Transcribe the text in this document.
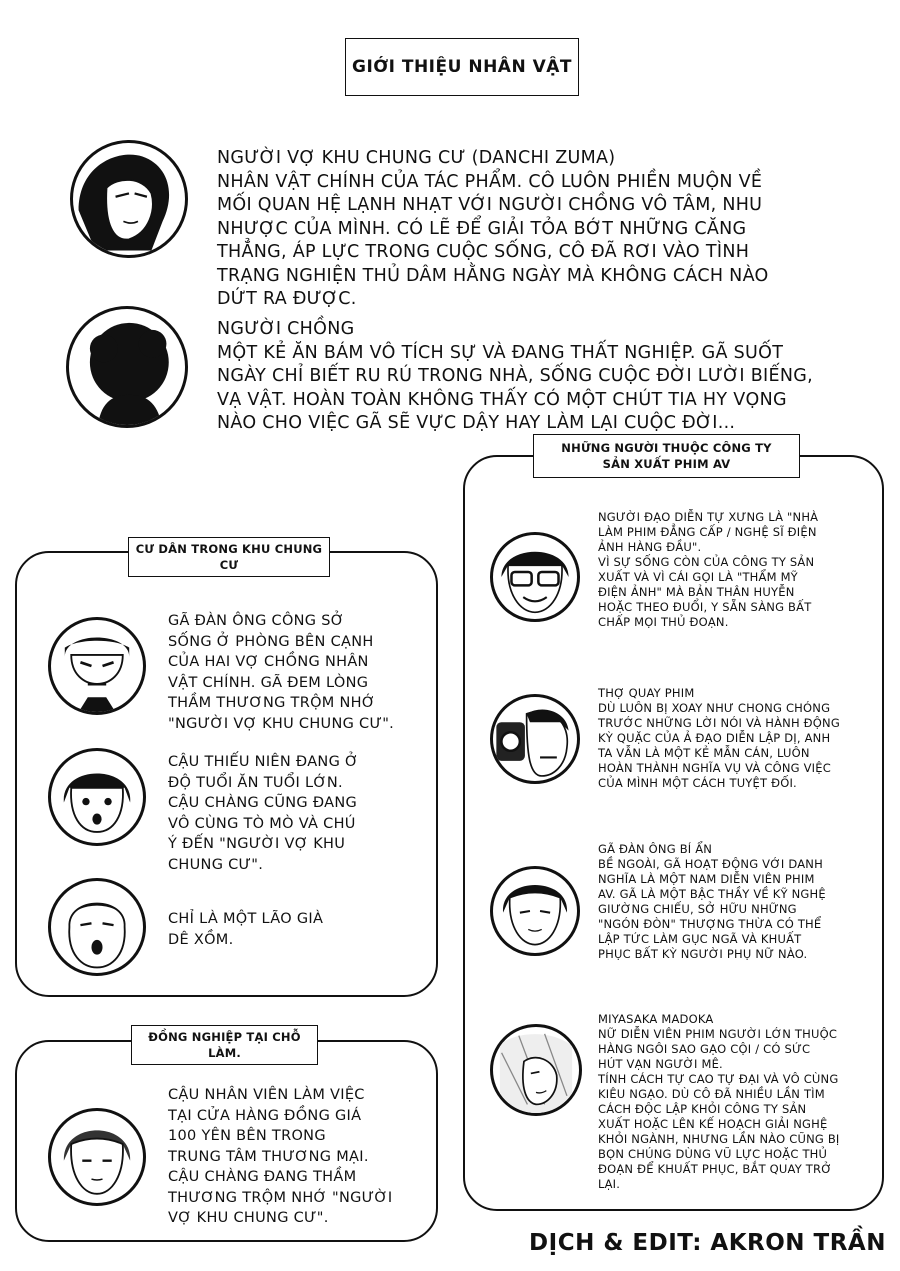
GIỚI THIỆU NHÂN VẬT

NGƯỜI VỢ KHU CHUNG CƯ (DANCHI ZUMA)

NHÂN VẬT CHÍNH CỦA TÁC PHẨM. CÔ LUÔN PHIỀN MUỘN VỀ

MỐI QUAN HỆ LẠNH NHẠT VỚI NGƯỜI CHỒNG VÔ TÂM, NHU

NHƯỢC CỦA MÌNH. CÓ LẼ ĐỂ GIẢI TỎA BỚT NHỮNG CĂNG

THẲNG, ÁP LỰC TRONG CUỘC SỐNG, CÔ ĐÃ RƠI VÀO TÌNH

TRẠNG NGHIỆN THỦ DÂM HẰNG NGÀY MÀ KHÔNG CÁCH NÀO

DỨT RA ĐƯỢC.

NGƯỜI CHỒNG

MỘT KẺ ĂN BÁM VÔ TÍCH SỰ VÀ ĐANG THẤT NGHIỆP. GÃ SUỐT

NGÀY CHỈ BIẾT RU RÚ TRONG NHÀ, SỐNG CUỘC ĐỜI LƯỜI BIẾNG,

VẠ VẬT. HOÀN TOÀN KHÔNG THẤY CÓ MỘT CHÚT TIA HY VỌNG

NÀO CHO VIỆC GÃ SẼ VỰC DẬY HAY LÀM LẠI CUỘC ĐỜI...

CƯ DÂN TRONG KHU CHUNG CƯ

GÃ ĐÀN ÔNG CÔNG SỞ

SỐNG Ở PHÒNG BÊN CẠNH

CỦA HAI VỢ CHỒNG NHÂN

VẬT CHÍNH. GÃ ĐEM LÒNG

THẦM THƯƠNG TRỘM NHỚ

"NGƯỜI VỢ KHU CHUNG CƯ".

CẬU THIẾU NIÊN ĐANG Ở

ĐỘ TUỔI ĂN TUỔI LỚN.

CẬU CHÀNG CŨNG ĐANG

VÔ CÙNG TÒ MÒ VÀ CHÚ

Ý ĐẾN "NGƯỜI VỢ KHU

CHUNG CƯ".

CHỈ LÀ MỘT LÃO GIÀ

DÊ XỒM.

ĐỒNG NGHIỆP TẠI CHỖ LÀM.

CẬU NHÂN VIÊN LÀM VIỆC

TẠI CỬA HÀNG ĐỒNG GIÁ

100 YÊN BÊN TRONG

TRUNG TÂM THƯƠNG MẠI.

CẬU CHÀNG ĐANG THẦM

THƯƠNG TRỘM NHỚ "NGƯỜI

VỢ KHU CHUNG CƯ".

NHỮNG NGƯỜI THUỘC CÔNG TY
SẢN XUẤT PHIM AV

NGƯỜI ĐẠO DIỄN TỰ XƯNG LÀ "NHÀ

LÀM PHIM ĐẲNG CẤP / NGHỆ SĨ ĐIỆN

ẢNH HÀNG ĐẦU".

VÌ SỰ SỐNG CÒN CỦA CÔNG TY SẢN

XUẤT VÀ VÌ CÁI GỌI LÀ "THẨM MỸ

ĐIỆN ẢNH" MÀ BẢN THÂN HUYỄN

HOẶC THEO ĐUỔI, Y SẴN SÀNG BẤT

CHẤP MỌI THỦ ĐOẠN.

THỢ QUAY PHIM

DÙ LUÔN BỊ XOAY NHƯ CHONG CHÓNG

TRƯỚC NHỮNG LỜI NÓI VÀ HÀNH ĐỘNG

KỲ QUẶC CỦA Ả ĐẠO DIỄN LẬP DỊ, ANH

TA VẪN LÀ MỘT KẺ MẪN CÁN, LUÔN

HOÀN THÀNH NGHĨA VỤ VÀ CÔNG VIỆC

CỦA MÌNH MỘT CÁCH TUYỆT ĐỐI.

GÃ ĐÀN ÔNG BÍ ẨN

BỀ NGOÀI, GÃ HOẠT ĐỘNG VỚI DANH

NGHĨA LÀ MỘT NAM DIỄN VIÊN PHIM

AV. GÃ LÀ MỘT BẬC THẦY VỀ KỸ NGHỆ

GIƯỜNG CHIẾU, SỞ HỮU NHỮNG

"NGÓN ĐÒN" THƯỢNG THỪA CÓ THỂ

LẬP TỨC LÀM GỤC NGÃ VÀ KHUẤT

PHỤC BẤT KỲ NGƯỜI PHỤ NỮ NÀO.

MIYASAKA MADOKA

NỮ DIỄN VIÊN PHIM NGƯỜI LỚN THUỘC

HÀNG NGÔI SAO GẠO CỘI / CÓ SỨC

HÚT VẠN NGƯỜI MÊ.

TÍNH CÁCH TỰ CAO TỰ ĐẠI VÀ VÔ CÙNG

KIÊU NGẠO. DÙ CÔ ĐÃ NHIỀU LẦN TÌM

CÁCH ĐỘC LẬP KHỎI CÔNG TY SẢN

XUẤT HOẶC LÊN KẾ HOẠCH GIẢI NGHỆ

KHỎI NGÀNH, NHƯNG LẦN NÀO CŨNG BỊ

BỌN CHÚNG DÙNG VŨ LỰC HOẶC THỦ

ĐOẠN ĐỂ KHUẤT PHỤC, BẮT QUAY TRỞ

LẠI.

DỊCH & EDIT: AKRON TRẦN
